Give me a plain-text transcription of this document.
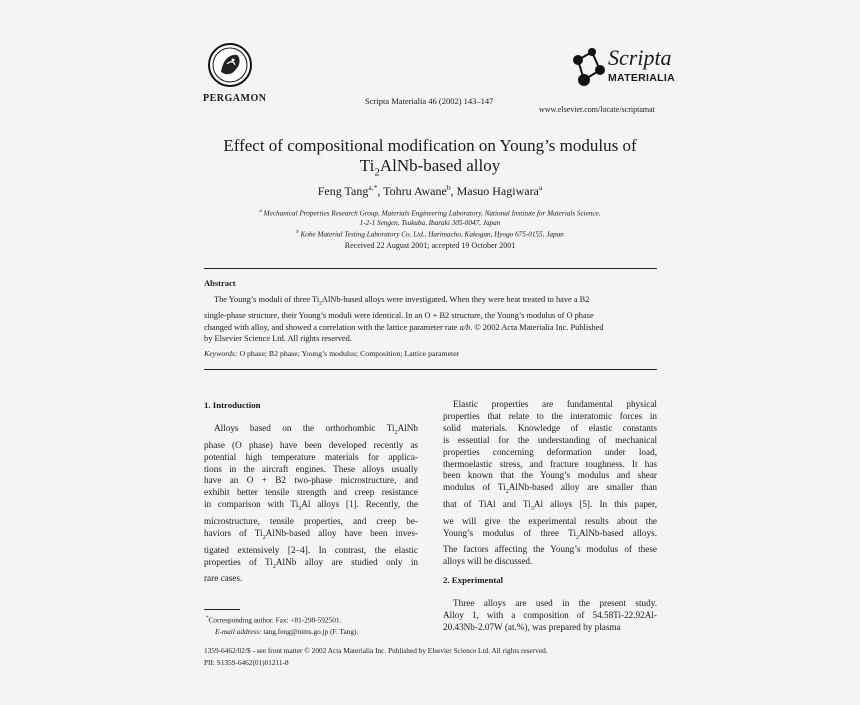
PERGAMON	Scripta Materialia 46 (2002) 143–147
Scripta
MATERIALIA
www.elsevier.com/locate/scriptamat
Effect of compositional modification on Young’s modulus of
$Ti_2AlNb$-based alloy
Feng Tang$^{a,*}$, Tohru Awane$^b$, Masuo Hagiwara$^a$
$^a$ Mechanical Properties Research Group, Materials Engineering Laboratory, National Institute for Materials Science,
1-2-1 Sengen, Tsukuba, Ibaraki 305-0047, Japan
$^b$ Kobe Material Testing Laboratory Co. Ltd., Harimacho, Kakogun, Hyogo 675-0155, Japan
Received 22 August 2001; accepted 19 October 2001
Abstract
The Young’s moduli of three $Ti_2AlNb$-based alloys were investigated. When they were heat treated to have a B2
single-phase structure, their Young’s moduli were identical. In an O + B2 structure, the Young’s modulus of O phase
changed with alloy, and showed a correlation with the lattice parameter rate a/b. © 2002 Acta Materialia Inc. Published
by Elsevier Science Ltd. All rights reserved.
Keywords: O phase; B2 phase; Young’s modulus; Composition; Lattice parameter
1. Introduction
Alloys based on the orthorhombic $Ti_2AlNb$
phase (O phase) have been developed recently as
potential high temperature materials for applica-
tions in the aircraft engines. These alloys usually
have an O + B2 two-phase microstructure, and
exhibit better tensile strength and creep resistance
in comparison with $Ti_3Al$ alloys [1]. Recently, the
microstructure, tensile properties, and creep be-
haviors of $Ti_2AlNb$-based alloy have been inves-
tigated extensively [2–4]. In contrast, the elastic
properties of $Ti_2AlNb$ alloy are studied only in
rare cases.
Elastic properties are fundamental physical
properties that relate to the interatomic forces in
solid materials. Knowledge of elastic constants
is essential for the understanding of mechanical
properties concerning deformation under load,
thermoelastic stress, and fracture toughness. It has
been known that the Young’s modulus and shear
modulus of $Ti_2AlNb$-based alloy are smaller than
that of TiAl and $Ti_3Al$ alloys [5]. In this paper,
we will give the experimental results about the
Young’s modulus of three $Ti_2AlNb$-based alloys.
The factors affecting the Young’s modulus of these
alloys will be discussed.
2. Experimental
Three alloys are used in the present study.
Alloy 1, with a composition of 54.58Ti-22.92Al-
20.43Nb-2.07W (at.%), was prepared by plasma
*Corresponding author. Fax: +81-298-592501.
E-mail address: tang.feng@nims.go.jp (F. Tang).
1359-6462/02/$ - see front matter © 2002 Acta Materialia Inc. Published by Elsevier Science Ltd. All rights reserved.
PII: S1359-6462(01)01211-8
